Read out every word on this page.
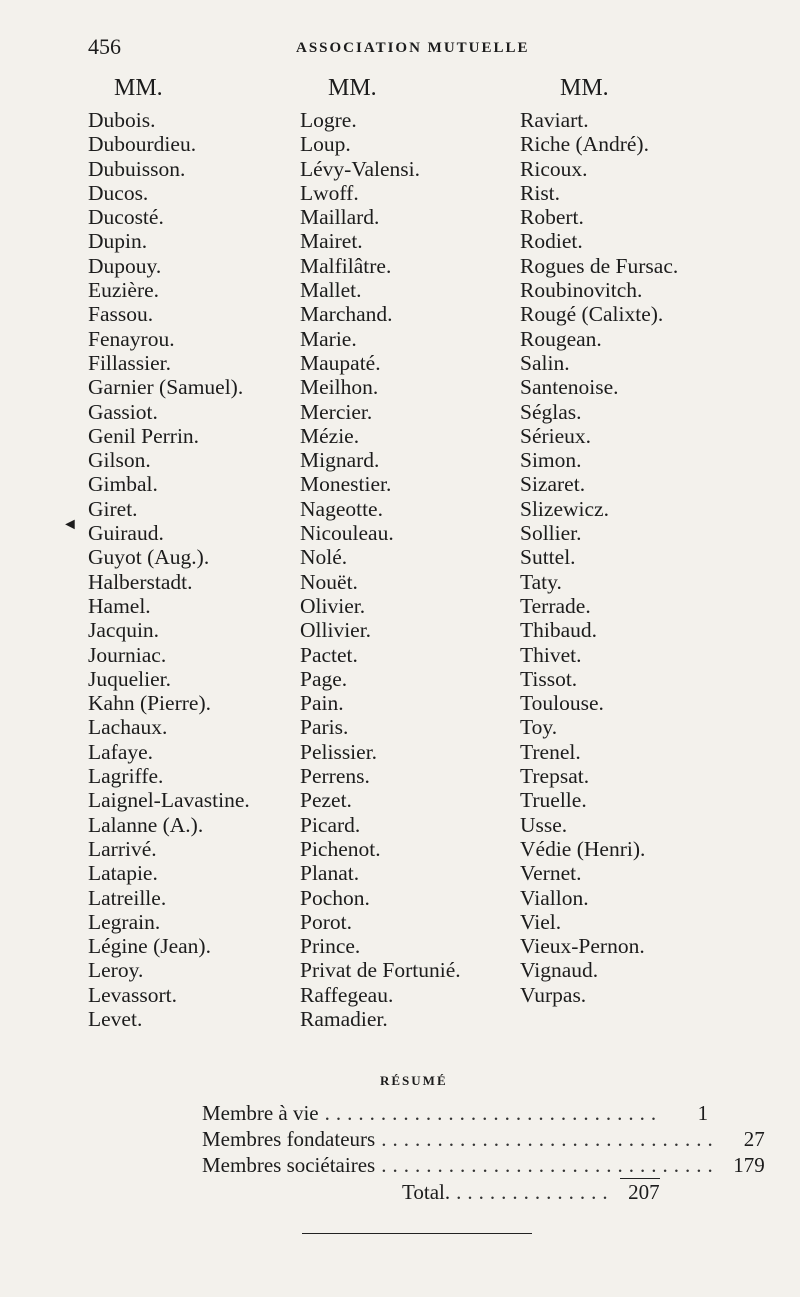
456	ASSOCIATION MUTUELLE
◄
MM.
Dubois.
Dubourdieu.
Dubuisson.
Ducos.
Ducosté.
Dupin.
Dupouy.
Euzière.
Fassou.
Fenayrou.
Fillassier.
Garnier (Samuel).
Gassiot.
Genil Perrin.
Gilson.
Gimbal.
Giret.
Guiraud.
Guyot (Aug.).
Halberstadt.
Hamel.
Jacquin.
Journiac.
Juquelier.
Kahn (Pierre).
Lachaux.
Lafaye.
Lagriffe.
Laignel-Lavastine.
Lalanne (A.).
Larrivé.
Latapie.
Latreille.
Legrain.
Légine (Jean).
Leroy.
Levassort.
Levet.
MM.
Logre.
Loup.
Lévy-Valensi.
Lwoff.
Maillard.
Mairet.
Malfilâtre.
Mallet.
Marchand.
Marie.
Maupaté.
Meilhon.
Mercier.
Mézie.
Mignard.
Monestier.
Nageotte.
Nicouleau.
Nolé.
Nouët.
Olivier.
Ollivier.
Pactet.
Page.
Pain.
Paris.
Pelissier.
Perrens.
Pezet.
Picard.
Pichenot.
Planat.
Pochon.
Porot.
Prince.
Privat de Fortunié.
Raffegeau.
Ramadier.
MM.
Raviart.
Riche (André).
Ricoux.
Rist.
Robert.
Rodiet.
Rogues de Fursac.
Roubinovitch.
Rougé (Calixte).
Rougean.
Salin.
Santenoise.
Séglas.
Sérieux.
Simon.
Sizaret.
Slizewicz.
Sollier.
Suttel.
Taty.
Terrade.
Thibaud.
Thivet.
Tissot.
Toulouse.
Toy.
Trenel.
Trepsat.
Truelle.
Usse.
Védie (Henri).
Vernet.
Viallon.
Viel.
Vieux-Pernon.
Vignaud.
Vurpas.
RÉSUMÉ
Membre à vie ..............................	1
Membres fondateurs ..............................	27
Membres sociétaires .............................. 179
Total. .............. 207
